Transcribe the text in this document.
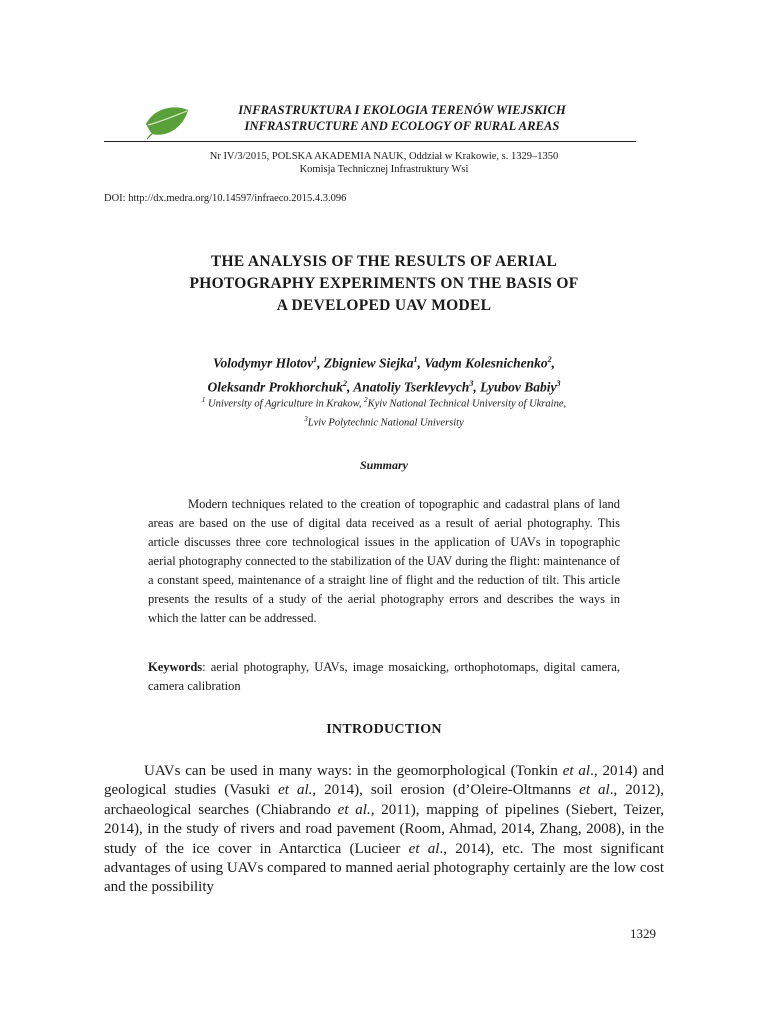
INFRASTRUKTURA I EKOLOGIA TERENÓW WIEJSKICH
INFRASTRUCTURE AND ECOLOGY OF RURAL AREAS
Nr IV/3/2015, POLSKA AKADEMIA NAUK, Oddział w Krakowie, s. 1329–1350
Komisja Technicznej Infrastruktury Wsi
DOI: http://dx.medra.org/10.14597/infraeco.2015.4.3.096
THE ANALYSIS OF THE RESULTS OF AERIAL
PHOTOGRAPHY EXPERIMENTS ON THE BASIS OF
A DEVELOPED UAV MODEL
Volodymyr Hlotov$^1$, Zbigniew Siejka$^1$, Vadym Kolesnichenko$^2$,
Oleksandr Prokhorchuk$^2$, Anatoliy Tserklevych$^3$, Lyubov Babiy$^3$
$^1$ University of Agriculture in Krakow, $^2$Kyiv National Technical University of Ukraine,
$^3$Lviv Polytechnic National University
Summary
Modern techniques related to the creation of topographic and cadastral plans of land areas are based on the use of digital data received as a result of aerial photography. This article discusses three core technological issues in the application of UAVs in topographic aerial photography connected to the stabilization of the UAV during the flight: maintenance of a constant speed, maintenance of a straight line of flight and the reduction of tilt. This article presents the results of a study of the aerial photography errors and describes the ways in which the latter can be addressed.
Keywords: aerial photography, UAVs, image mosaicking, orthophotomaps, digital camera, camera calibration
INTRODUCTION
UAVs can be used in many ways: in the geomorphological (Tonkin et al., 2014) and geological studies (Vasuki et al., 2014), soil erosion (d’Oleire-Oltmanns et al., 2012), archaeological searches (Chiabrando et al., 2011), mapping of pipelines (Siebert, Teizer, 2014), in the study of rivers and road pavement (Room, Ahmad, 2014, Zhang, 2008), in the study of the ice cover in Antarctica (Lucieer et al., 2014), etc. The most significant advantages of using UAVs compared to manned aerial photography certainly are the low cost and the possibility
1329
